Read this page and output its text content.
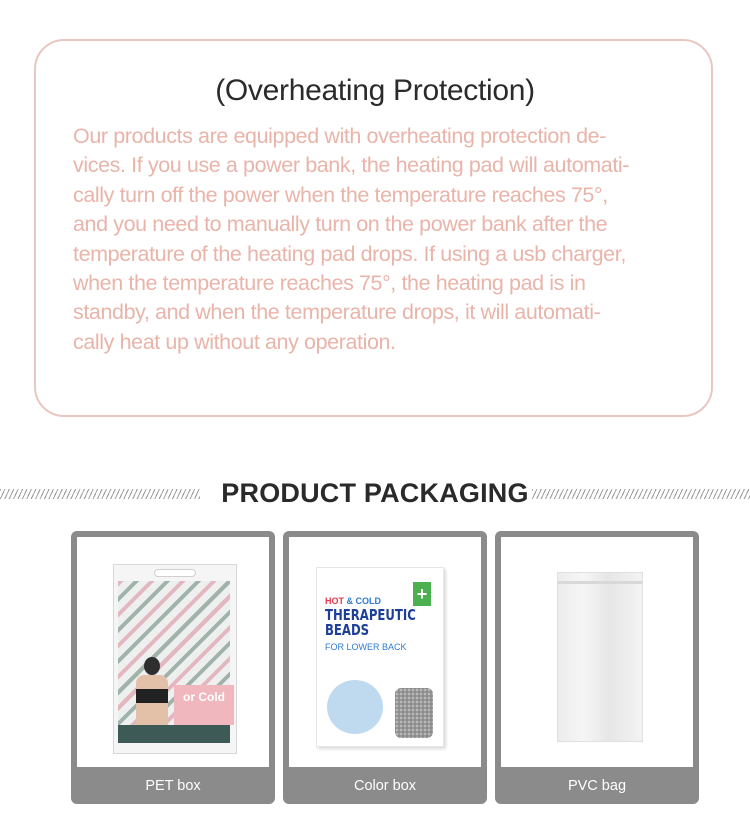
(Overheating Protection)

Our products are equipped with overheating protection de-
vices. If you use a power bank, the heating pad will automati-
cally turn off the power when the temperature reaches 75°,
and you need to manually turn on the power bank after the
temperature of the heating pad drops. If using a usb charger,
when the temperature reaches 75°, the heating pad is in
standby, and when the temperature drops, it will automati-
cally heat up without any operation.

PRODUCT PACKAGING
or Cold
PET box
+
HOT & COLD
THERAPEUTIC
BEADS
FOR LOWER BACK
Color box	PVC bag
